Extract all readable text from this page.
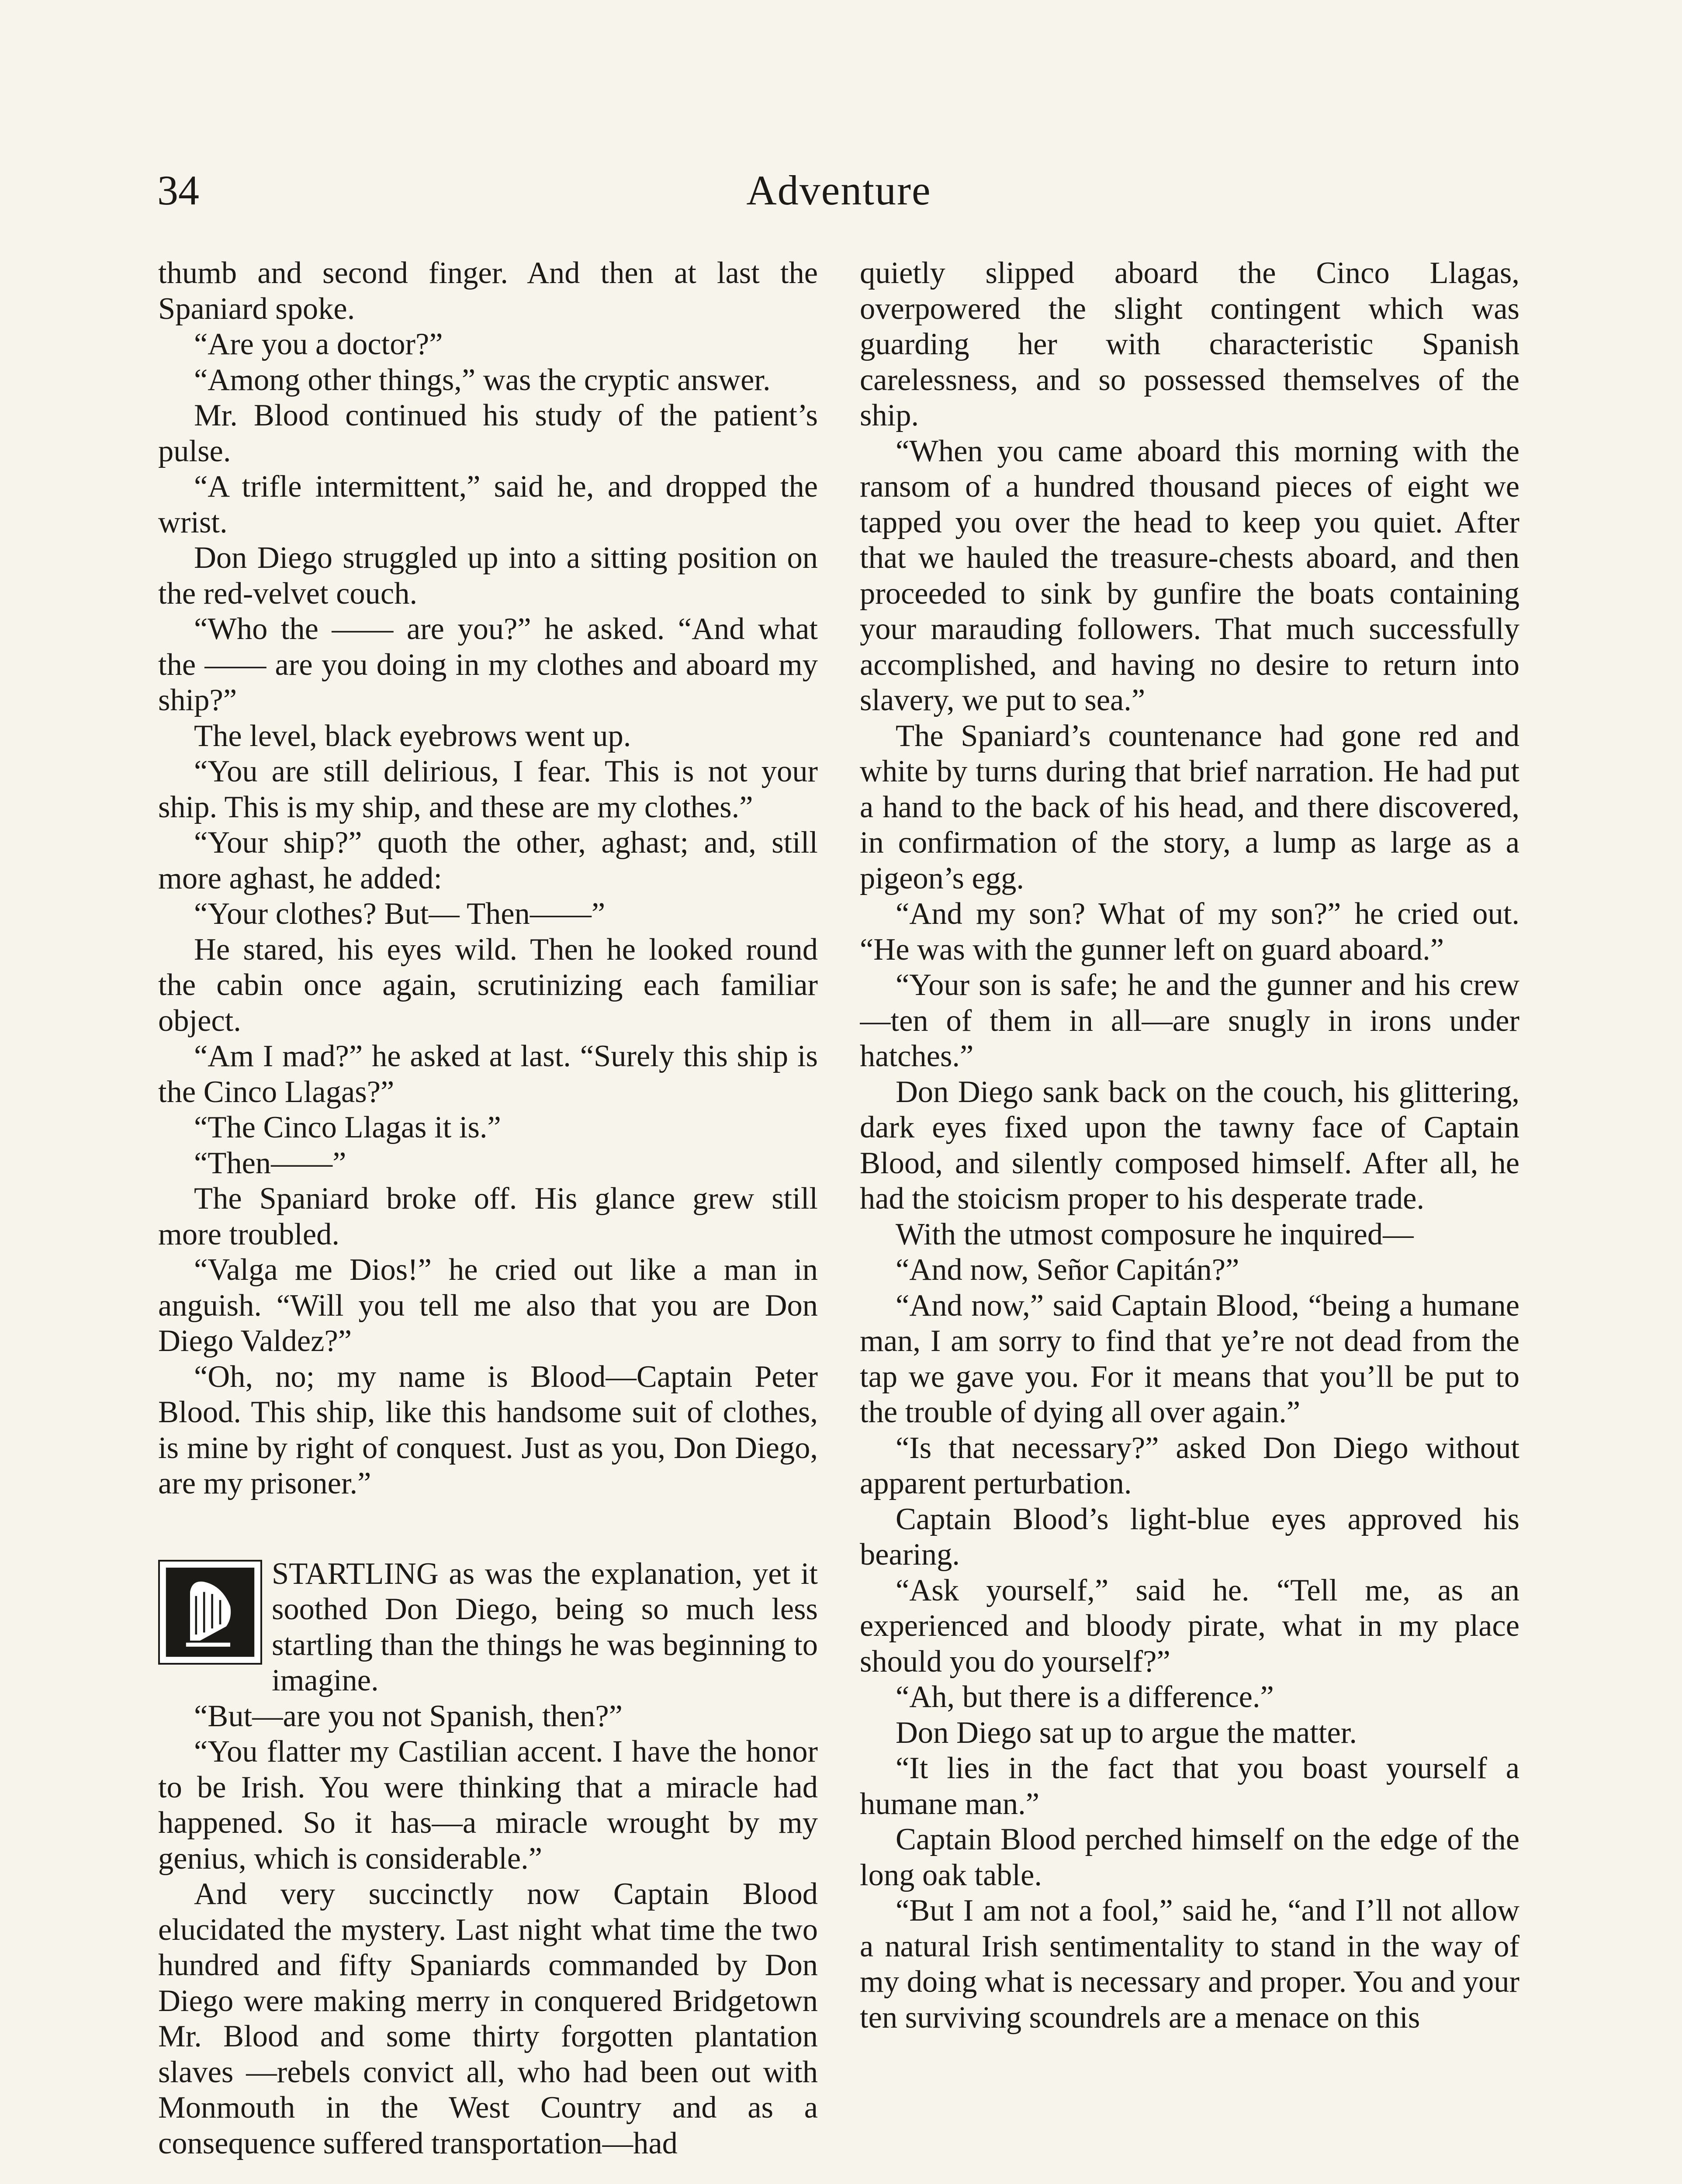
34	Adventure

thumb and second finger. And then at last the Spaniard spoke.

“Are you a doctor?”

“Among other things,” was the cryptic answer.

Mr. Blood continued his study of the patient’s pulse.

“A trifle intermittent,” said he, and dropped the wrist.

Don Diego struggled up into a sitting position on the red-velvet couch.

“Who the —— are you?” he asked. “And what the —— are you doing in my clothes and aboard my ship?”

The level, black eyebrows went up.

“You are still delirious, I fear. This is not your ship. This is my ship, and these are my clothes.”

“Your ship?” quoth the other, aghast; and, still more aghast, he added:

“Your clothes? But— Then——”

He stared, his eyes wild. Then he looked round the cabin once again, scrutinizing each familiar object.

“Am I mad?” he asked at last. “Surely this ship is the Cinco Llagas?”

“The Cinco Llagas it is.”

“Then——”

The Spaniard broke off. His glance grew still more troubled.

“Valga me Dios!” he cried out like a man in anguish. “Will you tell me also that you are Don Diego Valdez?”

“Oh, no; my name is Blood—Captain Peter Blood. This ship, like this handsome suit of clothes, is mine by right of conquest. Just as you, Don Diego, are my prisoner.”

STARTLING as was the explanation, yet it soothed Don Diego, being so much less startling than the things he was beginning to imagine.

“But—are you not Spanish, then?”

“You flatter my Castilian accent. I have the honor to be Irish. You were thinking that a miracle had happened. So it has—a miracle wrought by my genius, which is considerable.”

And very succinctly now Captain Blood elucidated the mystery. Last night what time the two hundred and fifty Spaniards commanded by Don Diego were making merry in conquered Bridgetown Mr. Blood and some thirty forgotten plantation slaves —rebels convict all, who had been out with Monmouth in the West Country and as a consequence suffered transportation—had

quietly slipped aboard the Cinco Llagas, overpowered the slight contingent which was guarding her with characteristic Spanish carelessness, and so possessed themselves of the ship.

“When you came aboard this morning with the ransom of a hundred thousand pieces of eight we tapped you over the head to keep you quiet. After that we hauled the treasure-chests aboard, and then proceeded to sink by gunfire the boats containing your marauding followers. That much successfully accomplished, and having no desire to return into slavery, we put to sea.”

The Spaniard’s countenance had gone red and white by turns during that brief narration. He had put a hand to the back of his head, and there discovered, in confirmation of the story, a lump as large as a pigeon’s egg.

“And my son? What of my son?” he cried out. “He was with the gunner left on guard aboard.”

“Your son is safe; he and the gunner and his crew—ten of them in all—are snugly in irons under hatches.”

Don Diego sank back on the couch, his glittering, dark eyes fixed upon the tawny face of Captain Blood, and silently composed himself. After all, he had the stoicism proper to his desperate trade.

With the utmost composure he inquired—

“And now, Señor Capitán?”

“And now,” said Captain Blood, “being a humane man, I am sorry to find that ye’re not dead from the tap we gave you. For it means that you’ll be put to the trouble of dying all over again.”

“Is that necessary?” asked Don Diego without apparent perturbation.

Captain Blood’s light-blue eyes approved his bearing.

“Ask yourself,” said he. “Tell me, as an experienced and bloody pirate, what in my place should you do yourself?”

“Ah, but there is a difference.”

Don Diego sat up to argue the matter.

“It lies in the fact that you boast yourself a humane man.”

Captain Blood perched himself on the edge of the long oak table.

“But I am not a fool,” said he, “and I’ll not allow a natural Irish sentimentality to stand in the way of my doing what is necessary and proper. You and your ten surviving scoundrels are a menace on this
